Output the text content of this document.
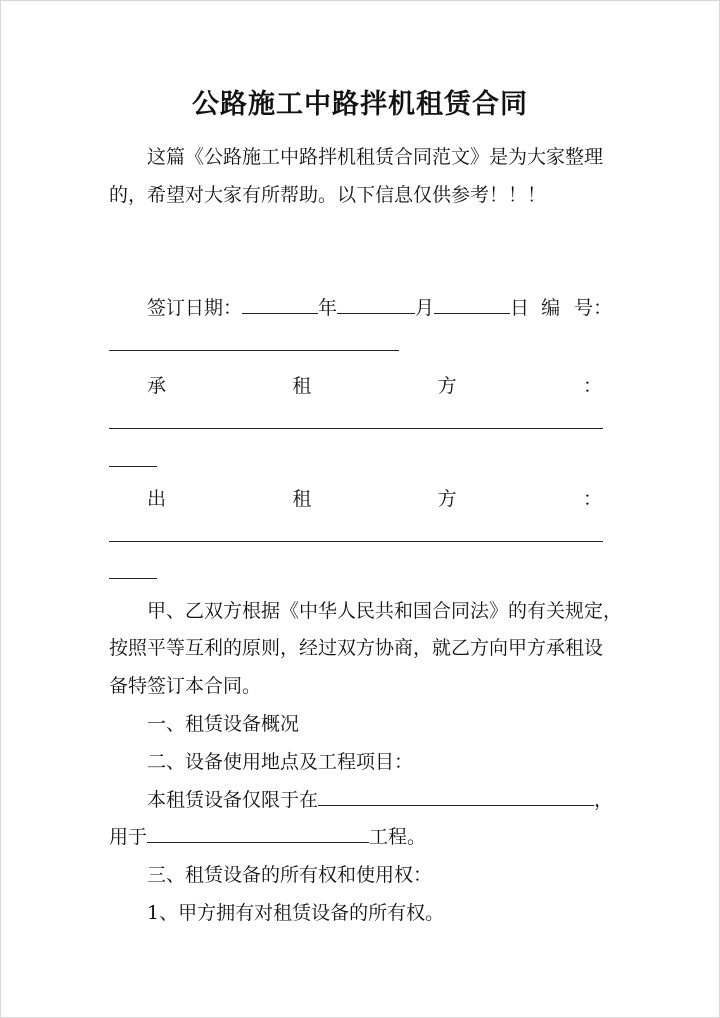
公路施工中路拌机租赁合同

这篇《公路施工中路拌机租赁合同范文》是为大家整理

的，希望对大家有所帮助。以下信息仅供参考！！！

签订日期：	年	月	日 编 号：
承	租	方	：
出	租	方	：

甲、乙双方根据《中华人民共和国合同法》的有关规定，

按照平等互利的原则，经过双方协商，就乙方向甲方承租设

备特签订本合同。

一、租赁设备概况

二、设备使用地点及工程项目：

本租赁设备仅限于在	，
用于	工程。

三、租赁设备的所有权和使用权：

1、甲方拥有对租赁设备的所有权。
